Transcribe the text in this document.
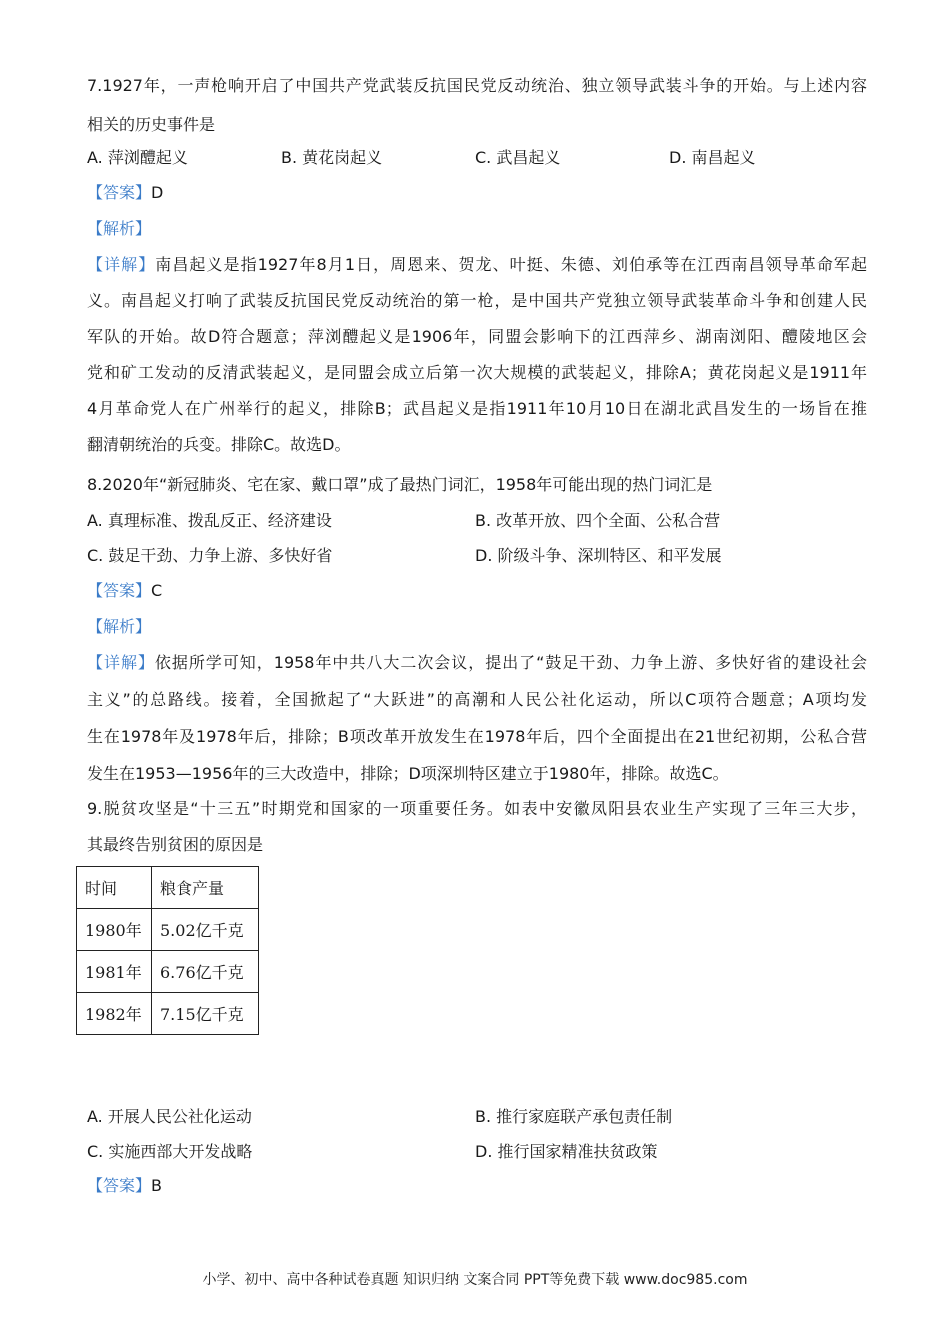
7.1927年，一声枪响开启了中国共产党武装反抗国民党反动统治、独立领导武装斗争的开始。与上述内容
相关的历史事件是
A. 萍浏醴起义	B. 黄花岗起义	C. 武昌起义	D. 南昌起义
【答案】D
【解析】
【详解】南昌起义是指1927年8月1日，周恩来、贺龙、叶挺、朱德、刘伯承等在江西南昌领导革命军起
义。南昌起义打响了武装反抗国民党反动统治的第一枪，是中国共产党独立领导武装革命斗争和创建人民
军队的开始。故D符合题意；萍浏醴起义是1906年，同盟会影响下的江西萍乡、湖南浏阳、醴陵地区会
党和矿工发动的反清武装起义，是同盟会成立后第一次大规模的武装起义，排除A；黄花岗起义是1911年
4月革命党人在广州举行的起义，排除B；武昌起义是指1911年10月10日在湖北武昌发生的一场旨在推
翻清朝统治的兵变。排除C。故选D。
8.2020年“新冠肺炎、宅在家、戴口罩”成了最热门词汇，1958年可能出现的热门词汇是
A. 真理标准、拨乱反正、经济建设	B. 改革开放、四个全面、公私合营
C. 鼓足干劲、力争上游、多快好省	D. 阶级斗争、深圳特区、和平发展
【答案】C
【解析】
【详解】依据所学可知，1958年中共八大二次会议，提出了“鼓足干劲、力争上游、多快好省的建设社会
主义”的总路线。接着，全国掀起了“大跃进”的高潮和人民公社化运动，所以C项符合题意；A项均发
生在1978年及1978年后，排除；B项改革开放发生在1978年后，四个全面提出在21世纪初期，公私合营
发生在1953—1956年的三大改造中，排除；D项深圳特区建立于1980年，排除。故选C。
9.脱贫攻坚是“十三五”时期党和国家的一项重要任务。如表中安徽凤阳县农业生产实现了三年三大步，
其最终告别贫困的原因是
时间	粮食产量
1980年	5.02亿千克
1981年	6.76亿千克
1982年	7.15亿千克
A. 开展人民公社化运动	B. 推行家庭联产承包责任制
C. 实施西部大开发战略	D. 推行国家精准扶贫政策
【答案】B
小学、初中、高中各种试卷真题 知识归纳 文案合同 PPT等免费下载 www.doc985.com
